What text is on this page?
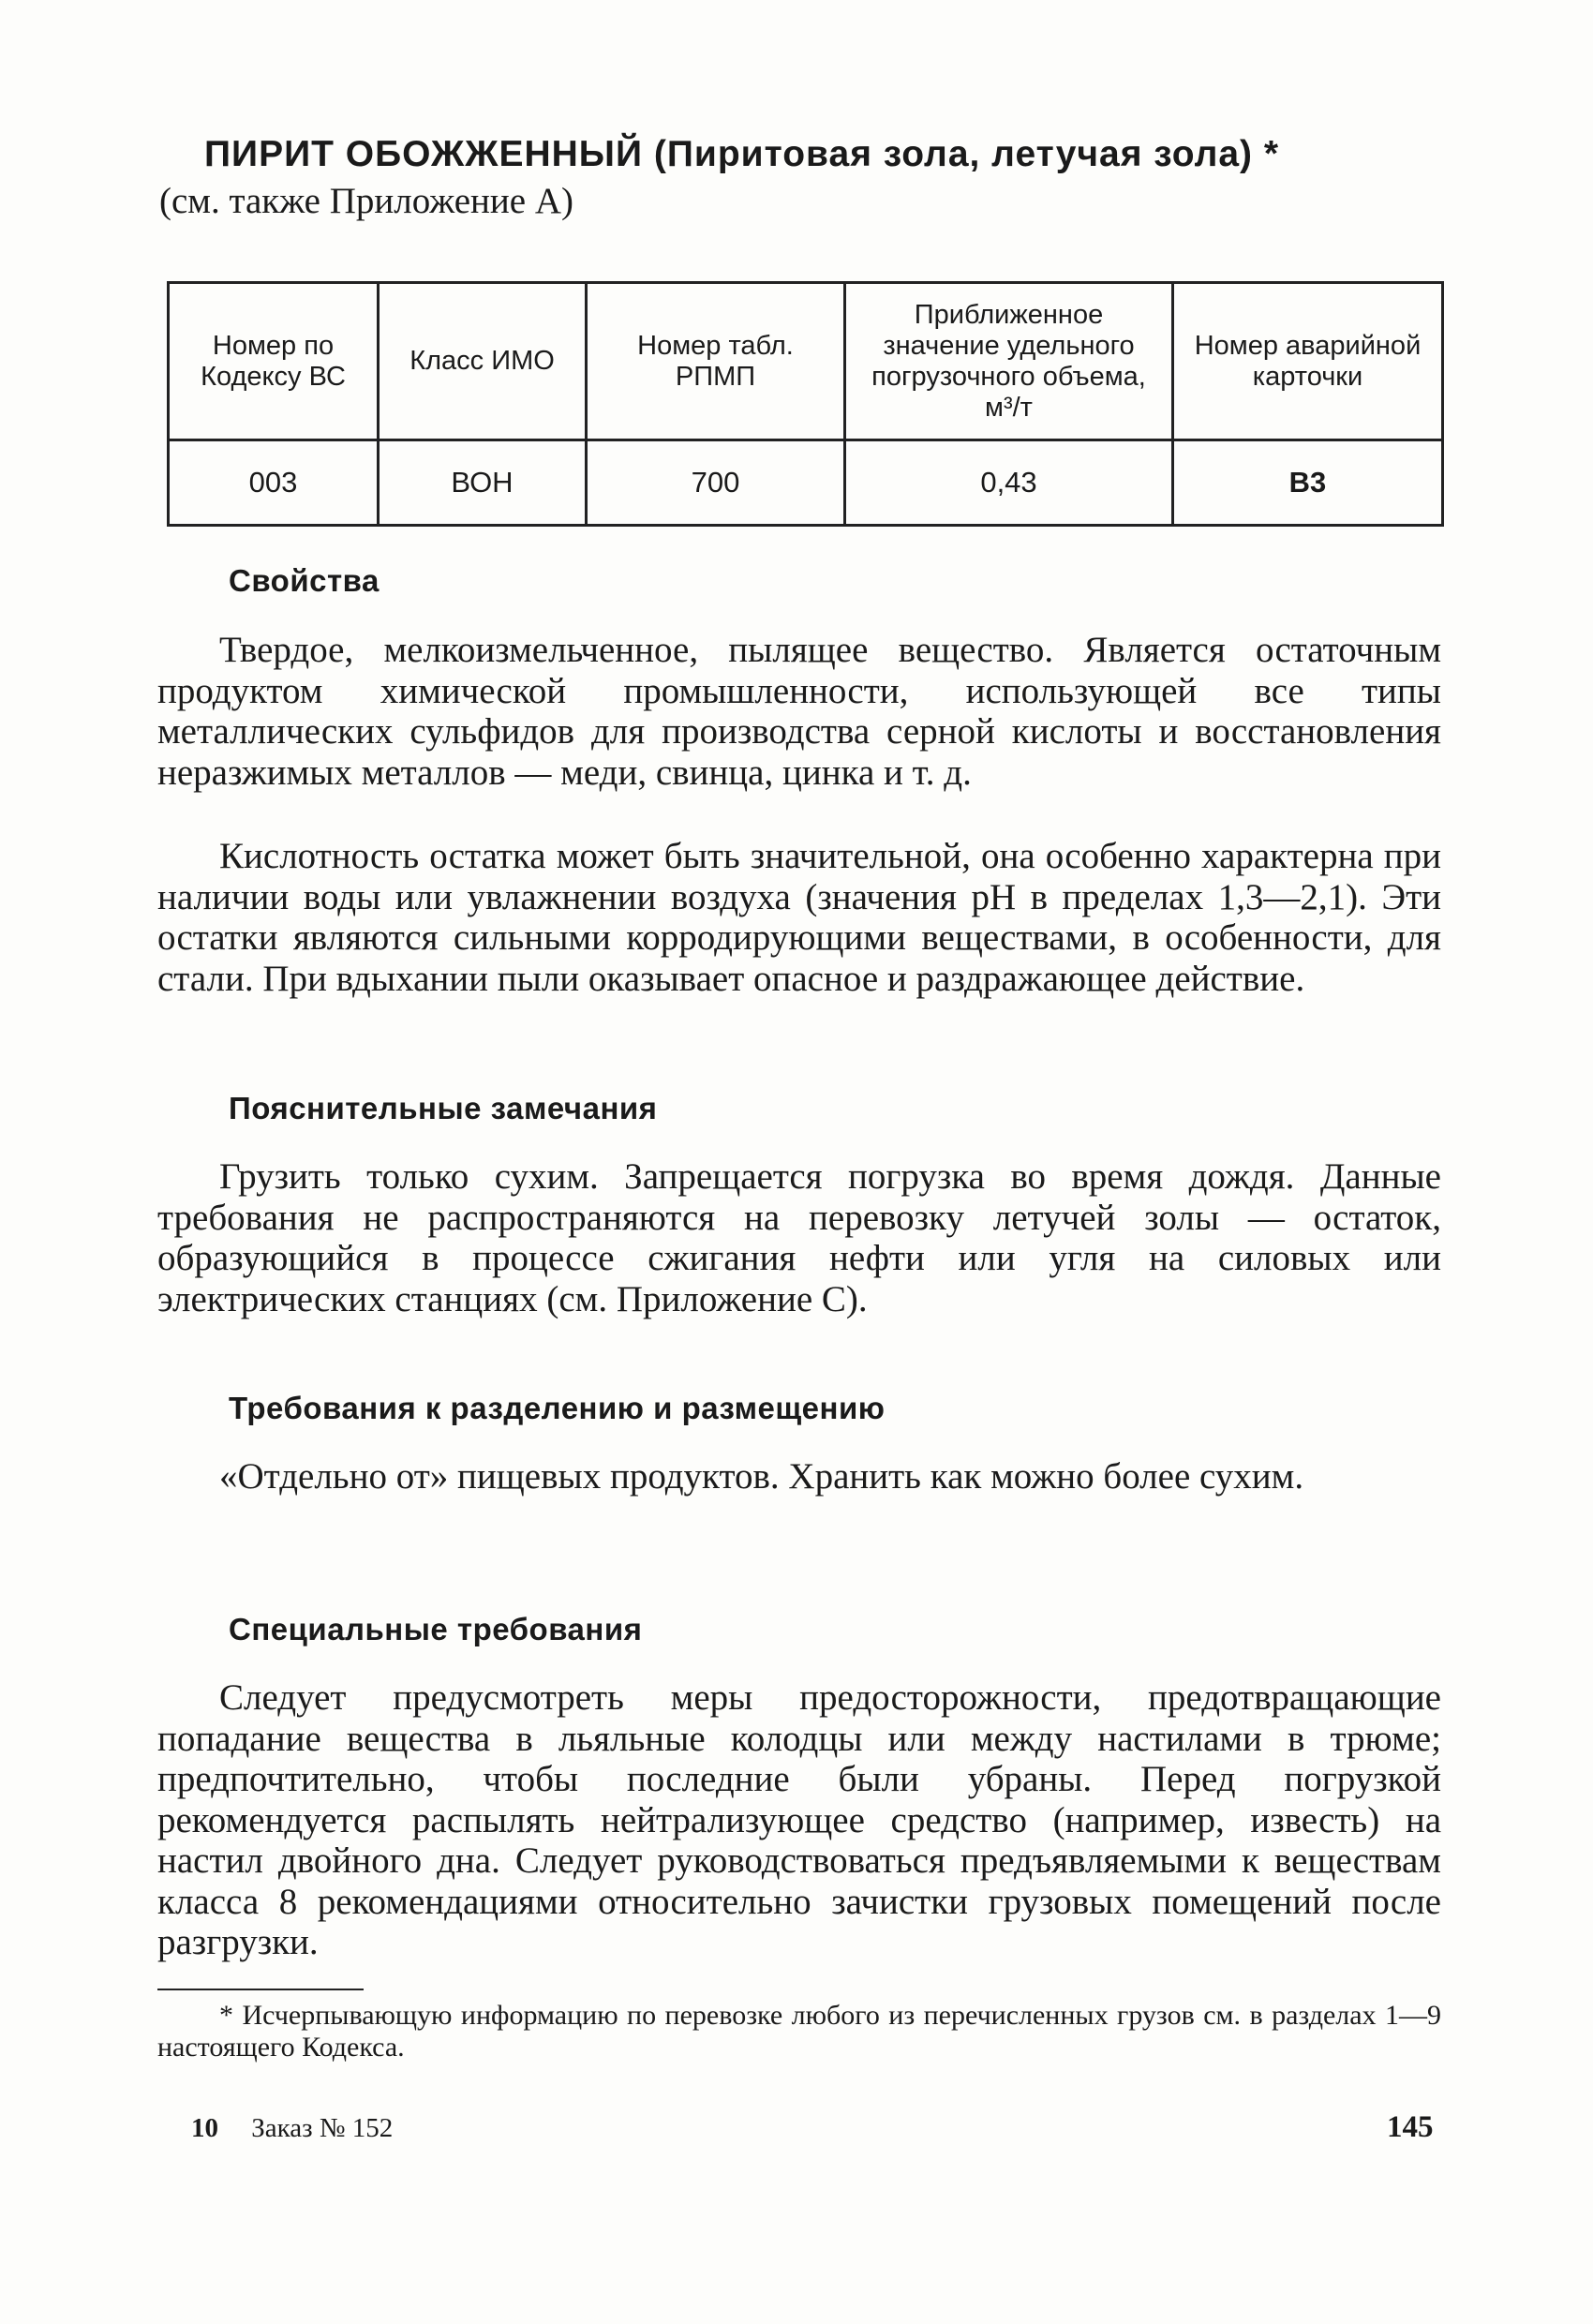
ПИРИТ ОБОЖЖЕННЫЙ (Пиритовая зола, летучая зола) *
(см. также Приложение А)
Номер по Кодексу ВС	Класс ИМО	Номер табл. РПМП	Приближенное значение удельного погрузочного объема, м³/т	Номер аварийной карточки
003	ВОН	700	0,43	B3
Свойства

Твердое, мелкоизмельченное, пылящее вещество. Является остаточным продуктом химической промышленности, использующей все типы металлических сульфидов для производства серной кислоты и восстановления неразжимых металлов — меди, свинца, цинка и т. д.

Кислотность остатка может быть значительной, она особенно характерна при наличии воды или увлажнении воздуха (значения pH в пределах 1,3—2,1). Эти остатки являются сильными корродирующими веществами, в особенности, для стали. При вдыхании пыли оказывает опасное и раздражающее действие.

Пояснительные замечания

Грузить только сухим. Запрещается погрузка во время дождя. Данные требования не распространяются на перевозку летучей золы — остаток, образующийся в процессе сжигания нефти или угля на силовых или электрических станциях (см. Приложение С).

Требования к разделению и размещению

«Отдельно от» пищевых продуктов. Хранить как можно более сухим.

Специальные требования

Следует предусмотреть меры предосторожности, предотвращающие попадание вещества в льяльные колодцы или между настилами в трюме; предпочтительно, чтобы последние были убраны. Перед погрузкой рекомендуется распылять нейтрализующее средство (например, известь) на настил двойного дна. Следует руководствоваться предъявляемыми к веществам класса 8 рекомендациями относительно зачистки грузовых помещений после разгрузки.

* Исчерпывающую информацию по перевозке любого из перечисленных грузов см. в разделах 1—9 настоящего Кодекса.

10 Заказ № 152	145
